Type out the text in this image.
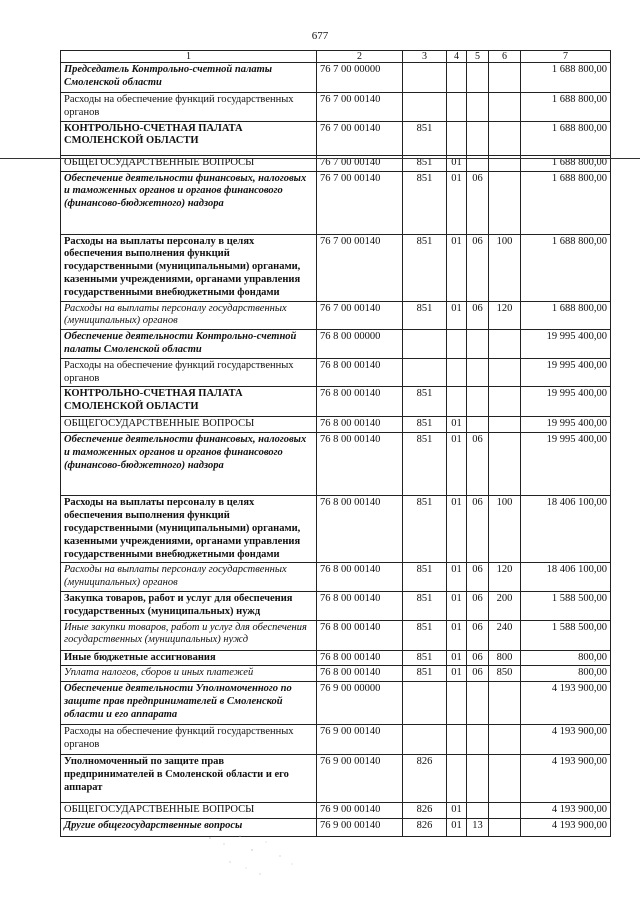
677
1	2	3	4	5	6	7
Председатель Контрольно-счетной палаты Смоленской области	76 7 00 00000					1 688 800,00
Расходы на обеспечение функций государственных органов	76 7 00 00140					1 688 800,00
КОНТРОЛЬНО-СЧЕТНАЯ ПАЛАТА СМОЛЕНСКОЙ ОБЛАСТИ	76 7 00 00140	851				1 688 800,00
ОБЩЕГОСУДАРСТВЕННЫЕ ВОПРОСЫ	76 7 00 00140	851	01			1 688 800,00
Обеспечение деятельности финансовых, налоговых и таможенных органов и органов финансового (финансово-бюджетного) надзора	76 7 00 00140	851	01	06		1 688 800,00
Расходы на выплаты персоналу в целях обеспечения выполнения функций государственными (муниципальными) органами, казенными учреждениями, органами управления государственными внебюджетными фондами	76 7 00 00140	851	01	06	100	1 688 800,00
Расходы на выплаты персоналу государственных (муниципальных) органов	76 7 00 00140	851	01	06	120	1 688 800,00
Обеспечение деятельности Контрольно-счетной палаты Смоленской области	76 8 00 00000					19 995 400,00
Расходы на обеспечение функций государственных органов	76 8 00 00140					19 995 400,00
КОНТРОЛЬНО-СЧЕТНАЯ ПАЛАТА СМОЛЕНСКОЙ ОБЛАСТИ	76 8 00 00140	851				19 995 400,00
ОБЩЕГОСУДАРСТВЕННЫЕ ВОПРОСЫ	76 8 00 00140	851	01			19 995 400,00
Обеспечение деятельности финансовых, налоговых и таможенных органов и органов финансового (финансово-бюджетного) надзора	76 8 00 00140	851	01	06		19 995 400,00
Расходы на выплаты персоналу в целях обеспечения выполнения функций государственными (муниципальными) органами, казенными учреждениями, органами управления государственными внебюджетными фондами	76 8 00 00140	851	01	06	100	18 406 100,00
Расходы на выплаты персоналу государственных (муниципальных) органов	76 8 00 00140	851	01	06	120	18 406 100,00
Закупка товаров, работ и услуг для обеспечения государственных (муниципальных) нужд	76 8 00 00140	851	01	06	200	1 588 500,00
Иные закупки товаров, работ и услуг для обеспечения государственных (муниципальных) нужд	76 8 00 00140	851	01	06	240	1 588 500,00
Иные бюджетные ассигнования	76 8 00 00140	851	01	06	800	800,00
Уплата налогов, сборов и иных платежей	76 8 00 00140	851	01	06	850	800,00
Обеспечение деятельности Уполномоченного по защите прав предпринимателей в Смоленской области и его аппарата	76 9 00 00000					4 193 900,00
Расходы на обеспечение функций государственных органов	76 9 00 00140					4 193 900,00
Уполномоченный по защите прав предпринимателей в Смоленской области и его аппарат	76 9 00 00140	826				4 193 900,00
ОБЩЕГОСУДАРСТВЕННЫЕ ВОПРОСЫ	76 9 00 00140	826	01			4 193 900,00
Другие общегосударственные вопросы	76 9 00 00140	826	01	13		4 193 900,00
